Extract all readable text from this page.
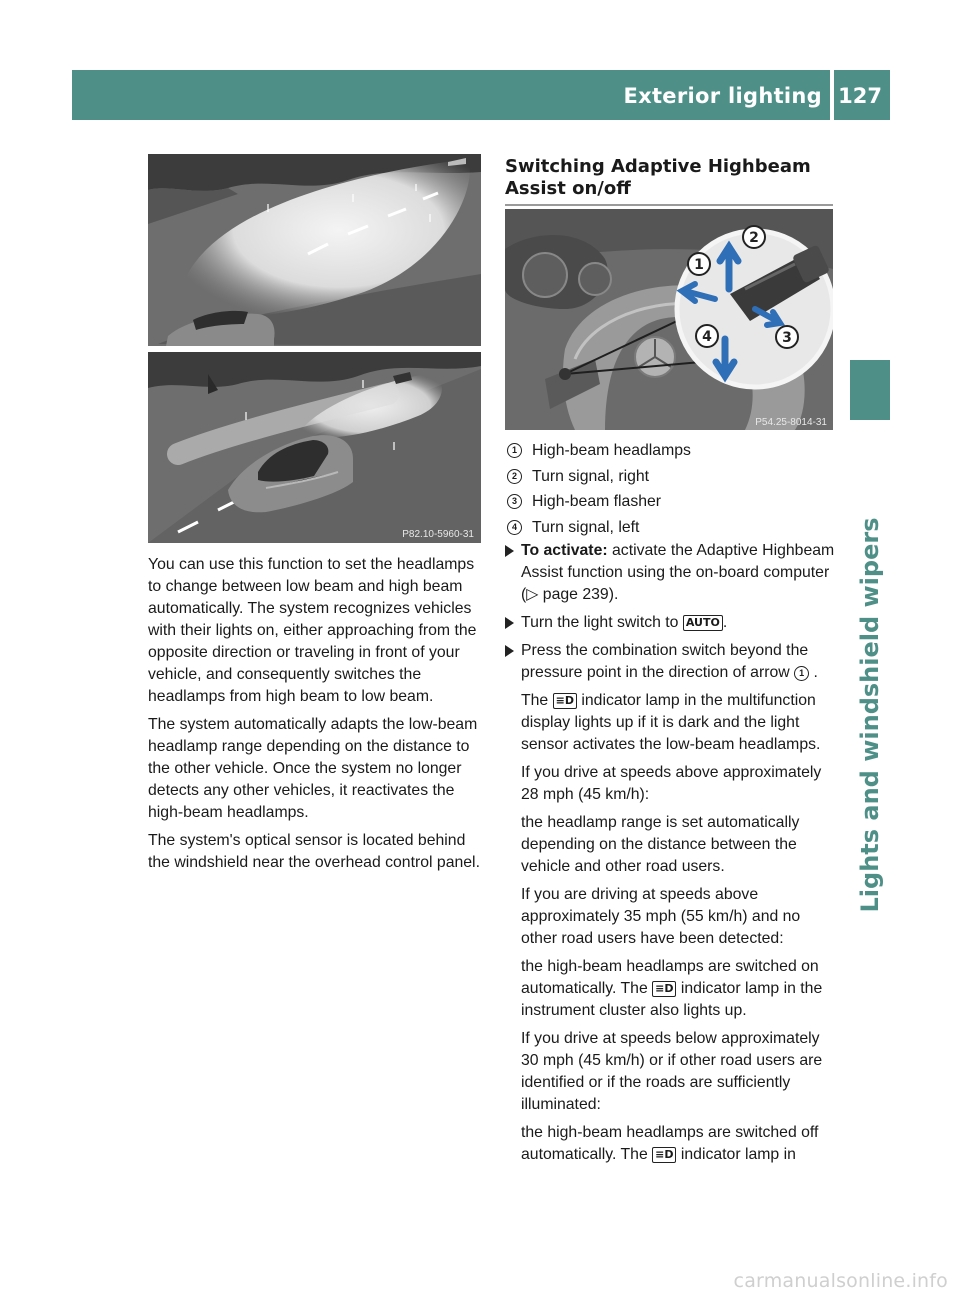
Exterior lighting 127
Lights and windshield wipers
P82.10-5960-31

You can use this function to set the headlamps to change between low beam and high beam automatically. The system recognizes vehicles with their lights on, either approaching from the opposite direction or traveling in front of your vehicle, and consequently switches the headlamps from high beam to low beam.

The system automatically adapts the low-beam headlamp range depending on the distance to the other vehicle. Once the system no longer detects any other vehicles, it reactivates the high-beam headlamps.

The system's optical sensor is located behind the windshield near the overhead control panel.

Switching Adaptive Highbeam Assist on/off
1
2
3
4
P54.25-8014-31
1 High-beam headlamps
2 Turn signal, right
3 High-beam flasher
4 Turn signal, left
To activate: activate the Adaptive Highbeam Assist function using the on-board computer (▷ page 239).
Turn the light switch to AUTO .
Press the combination switch beyond the pressure point in the direction of arrow 1 .

The ≡D indicator lamp in the multifunction display lights up if it is dark and the light sensor activates the low-beam headlamps.

If you drive at speeds above approximately 28 mph (45 km/h):

the headlamp range is set automatically depending on the distance between the vehicle and other road users.

If you are driving at speeds above approximately 35 mph (55 km/h) and no other road users have been detected:

the high-beam headlamps are switched on automatically. The ≡D indicator lamp in the instrument cluster also lights up.

If you drive at speeds below approximately 30 mph (45 km/h) or if other road users are identified or if the roads are sufficiently illuminated:

the high-beam headlamps are switched off automatically. The ≡D indicator lamp in

carmanualsonline.info
